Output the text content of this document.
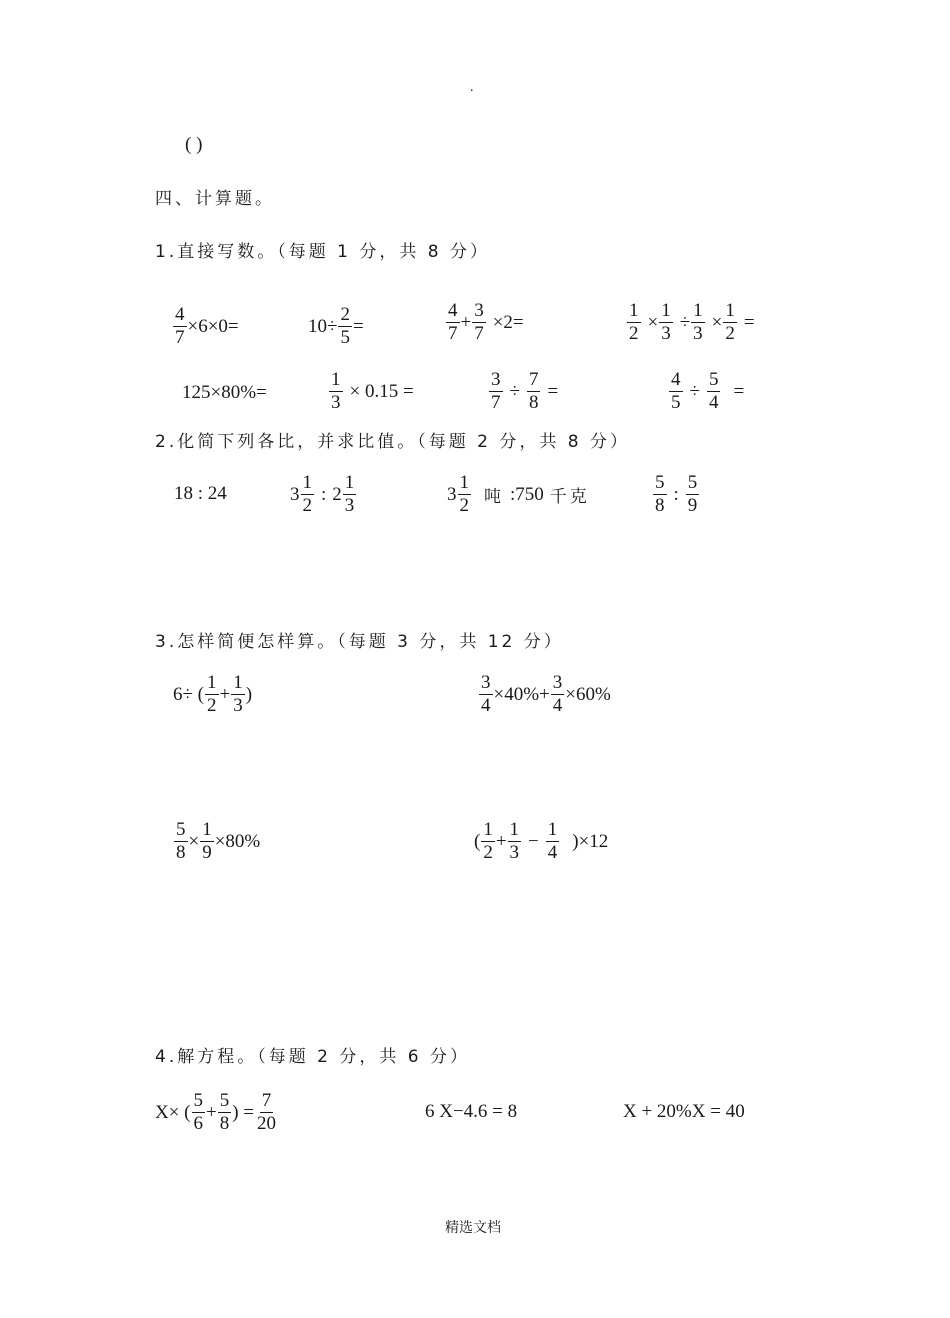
.
( )
四、计算题。
1.直接写数。（每题 1 分，共 8 分）
$\frac{4}{7} \times 6\times 0=$	$10\div \frac{2}{5}$ =	$\frac{4}{7} + \frac{3}{7} \times 2=$	$\frac{1}{2} \times \frac{1}{3} \div \frac{1}{3} \times \frac{1}{2}$ =
125×80%=	$\frac{1}{3} \times 0.15$ =	$\frac{3}{7} \div \frac{7}{8}$ =	$\frac{4}{5} \div \frac{5}{4}$ =
2.化简下列各比，并求比值。（每题 2 分，共 8 分）
18 : 24	$3 \frac{1}{2}$ : $2 \frac{1}{3}$	$3 \frac{1}{2}$ 吨 :750 千克	$\frac{5}{8}$ : $\frac{5}{9}$
3.怎样简便怎样算。（每题 3 分，共 12 分）
6÷ ( $\frac{1}{2} + \frac{1}{3}$ )	$\frac{3}{4} \times 40\%+ \frac{3}{4} \times 60\%$
$\frac{5}{8} \times \frac{1}{9} \times 80\%$	( $\frac{1}{2} + \frac{1}{3} - \frac{1}{4} )\times 12$
4.解方程。（每题 2 分，共 6 分）
X× ( $\frac{5}{6} + \frac{5}{8}$ ) = $\frac{7}{20}$	6 X−4.6 = 8	X + 20%X = 40
精选文档
